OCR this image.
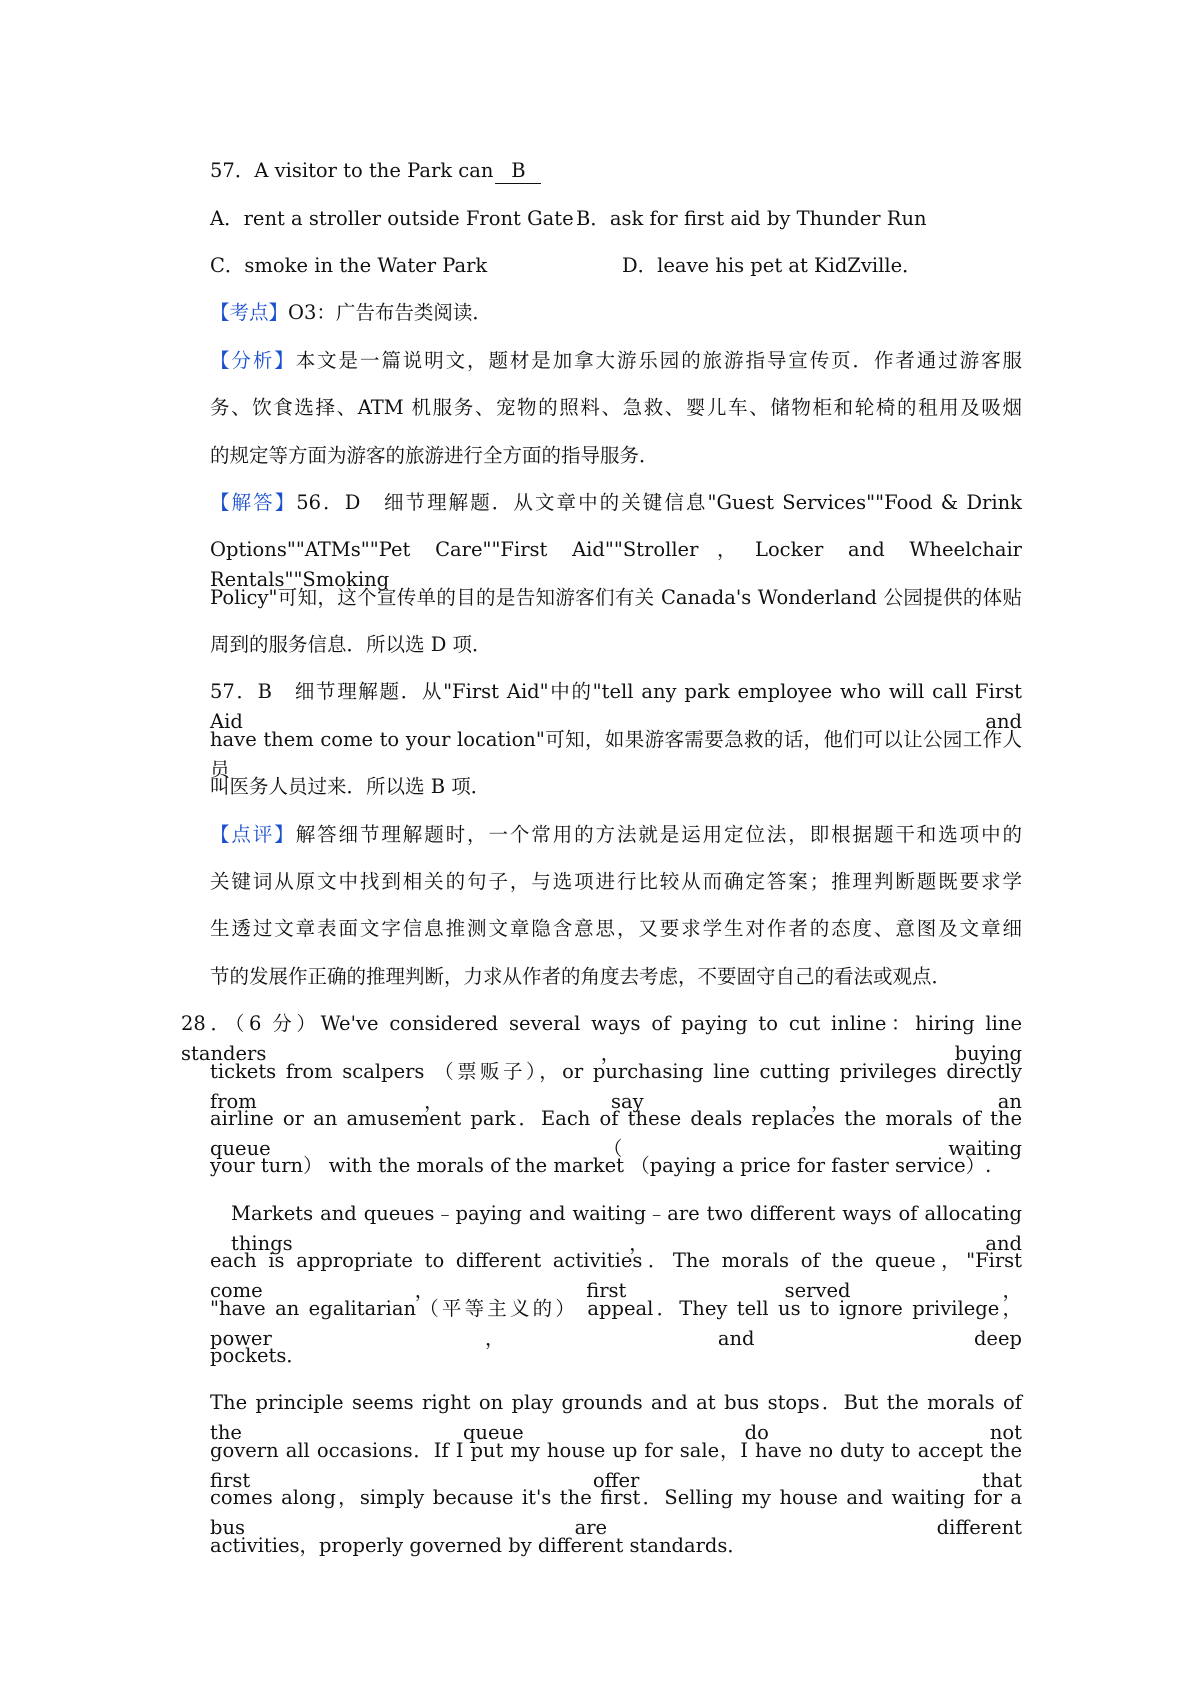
57．A visitor to the Park can B
A．rent a stroller outside Front Gate B．ask for first aid by Thunder Run
C．smoke in the Water Park	D．leave his pet at KidZville．
【考点】O3：广告布告类阅读．
【分析】本文是一篇说明文，题材是加拿大游乐园的旅游指导宣传页．作者通过游客服
务、饮食选择、ATM 机服务、宠物的照料、急救、婴儿车、储物柜和轮椅的租用及吸烟
的规定等方面为游客的旅游进行全方面的指导服务．
【解答】56．D　细节理解题．从文章中的关键信息"Guest Services""Food & Drink
Options""ATMs""Pet Care""First Aid""Stroller，Locker and Wheelchair Rentals""Smoking
Policy"可知，这个宣传单的目的是告知游客们有关 Canada's Wonderland 公园提供的体贴
周到的服务信息．所以选 D 项．
57．B　细节理解题．从"First Aid"中的"tell any park employee who will call First Aid and
have them come to your location"可知，如果游客需要急救的话，他们可以让公园工作人员
叫医务人员过来．所以选 B 项．
【点评】解答细节理解题时，一个常用的方法就是运用定位法，即根据题干和选项中的
关键词从原文中找到相关的句子，与选项进行比较从而确定答案；推理判断题既要求学
生透过文章表面文字信息推测文章隐含意思，又要求学生对作者的态度、意图及文章细
节的发展作正确的推理判断，力求从作者的角度去考虑，不要固守自己的看法或观点．
28．（6 分）We've considered several ways of paying to cut inline：hiring line standers，buying
tickets from scalpers （票贩子），or purchasing line cutting privileges directly from，say，an
airline or an amusement park．Each of these deals replaces the morals of the queue （waiting
your turn） with the morals of the market （paying a price for faster service）.
Markets and queues﹣paying and waiting﹣are two different ways of allocating things，and
each is appropriate to different activities．The morals of the queue，"First come，first served，
"have an egalitarian（平等主义的） appeal．They tell us to ignore privilege，power，and deep
pockets．
The principle seems right on play grounds and at bus stops．But the morals of the queue do not
govern all occasions．If I put my house up for sale，I have no duty to accept the first offer that
comes along，simply because it's the first．Selling my house and waiting for a bus are different
activities，properly governed by different standards．
